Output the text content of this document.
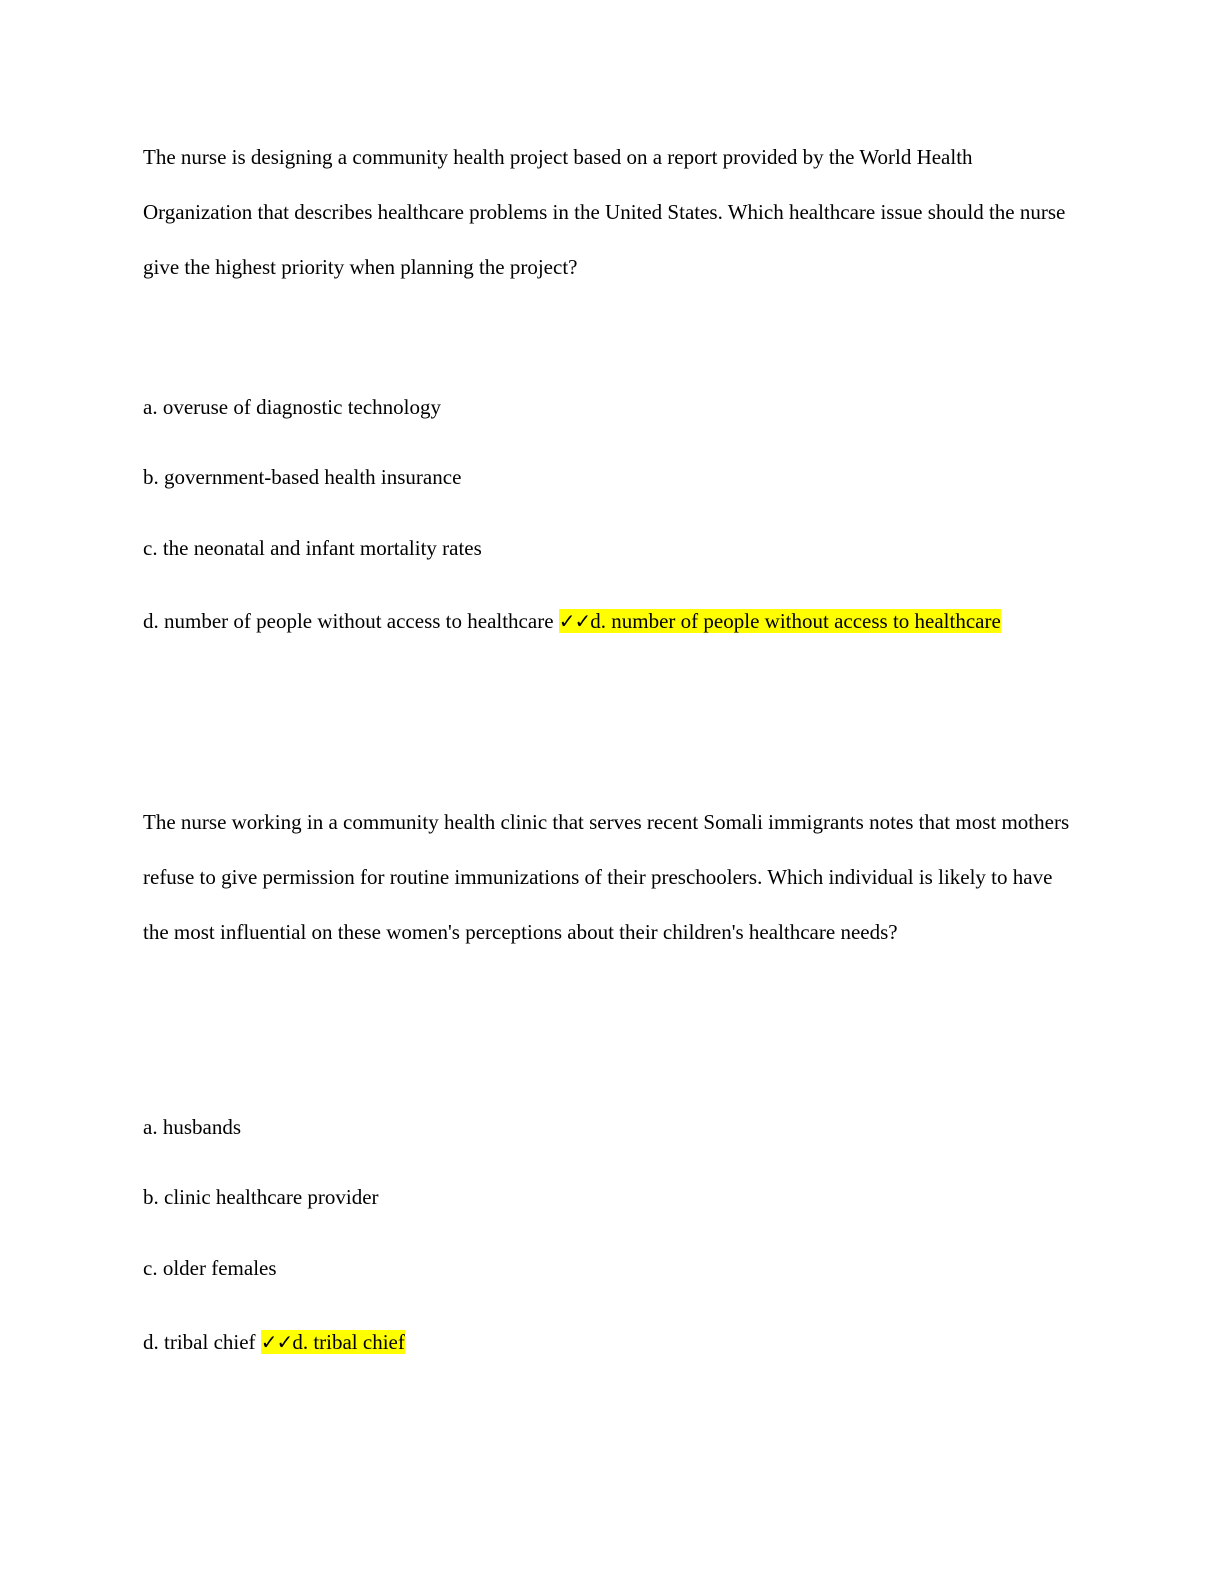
The nurse is designing a community health project based on a report provided by the World Health Organization that describes healthcare problems in the United States. Which healthcare issue should the nurse give the highest priority when planning the project?
a. overuse of diagnostic technology
b. government-based health insurance
c. the neonatal and infant mortality rates
d. number of people without access to healthcare ✓✓d. number of people without access to healthcare
The nurse working in a community health clinic that serves recent Somali immigrants notes that most mothers refuse to give permission for routine immunizations of their preschoolers. Which individual is likely to have the most influential on these women's perceptions about their children's healthcare needs?
a. husbands
b. clinic healthcare provider
c. older females
d. tribal chief ✓✓d. tribal chief
